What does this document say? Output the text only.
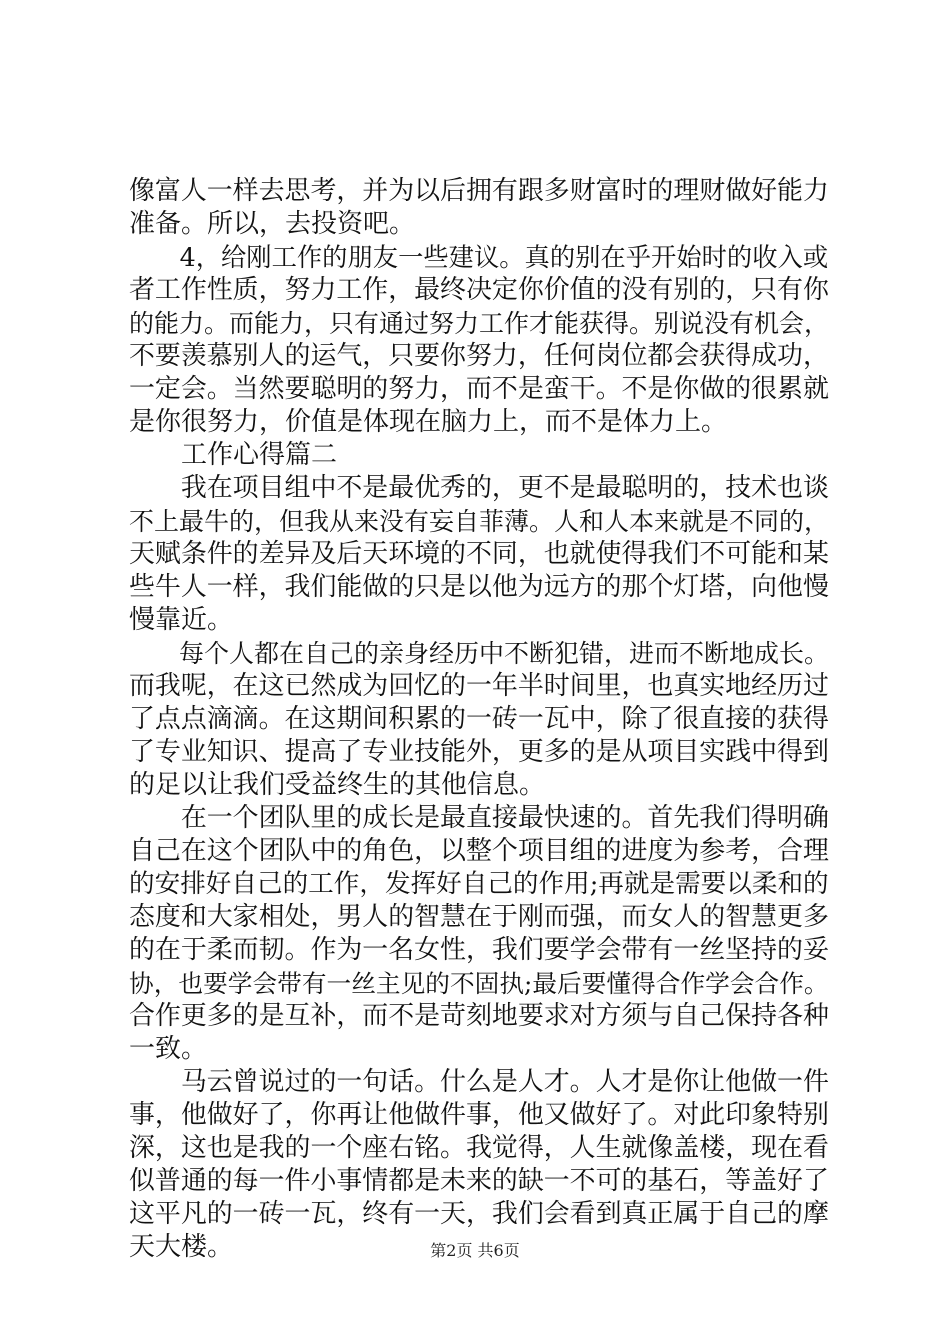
像富人一样去思考，并为以后拥有跟多财富时的理财做好能力
准备。所以，去投资吧。
　　4，给刚工作的朋友一些建议。真的别在乎开始时的收入或
者工作性质，努力工作，最终决定你价值的没有别的，只有你
的能力。而能力，只有通过努力工作才能获得。别说没有机会，
不要羡慕别人的运气，只要你努力，任何岗位都会获得成功，
一定会。当然要聪明的努力，而不是蛮干。不是你做的很累就
是你很努力，价值是体现在脑力上，而不是体力上。
　　工作心得篇二
　　我在项目组中不是最优秀的，更不是最聪明的，技术也谈
不上最牛的，但我从来没有妄自菲薄。人和人本来就是不同的，
天赋条件的差异及后天环境的不同，也就使得我们不可能和某
些牛人一样，我们能做的只是以他为远方的那个灯塔，向他慢
慢靠近。
　　每个人都在自己的亲身经历中不断犯错，进而不断地成长。
而我呢，在这已然成为回忆的一年半时间里，也真实地经历过
了点点滴滴。在这期间积累的一砖一瓦中，除了很直接的获得
了专业知识、提高了专业技能外，更多的是从项目实践中得到
的足以让我们受益终生的其他信息。
　　在一个团队里的成长是最直接最快速的。首先我们得明确
自己在这个团队中的角色，以整个项目组的进度为参考，合理
的安排好自己的工作，发挥好自己的作用;再就是需要以柔和的
态度和大家相处，男人的智慧在于刚而强，而女人的智慧更多
的在于柔而韧。作为一名女性，我们要学会带有一丝坚持的妥
协，也要学会带有一丝主见的不固执;最后要懂得合作学会合作。
合作更多的是互补，而不是苛刻地要求对方须与自己保持各种
一致。
　　马云曾说过的一句话。什么是人才。人才是你让他做一件
事，他做好了，你再让他做件事，他又做好了。对此印象特别
深，这也是我的一个座右铭。我觉得，人生就像盖楼，现在看
似普通的每一件小事情都是未来的缺一不可的基石，等盖好了
这平凡的一砖一瓦，终有一天，我们会看到真正属于自己的摩
天大楼。	第2页 共6页
